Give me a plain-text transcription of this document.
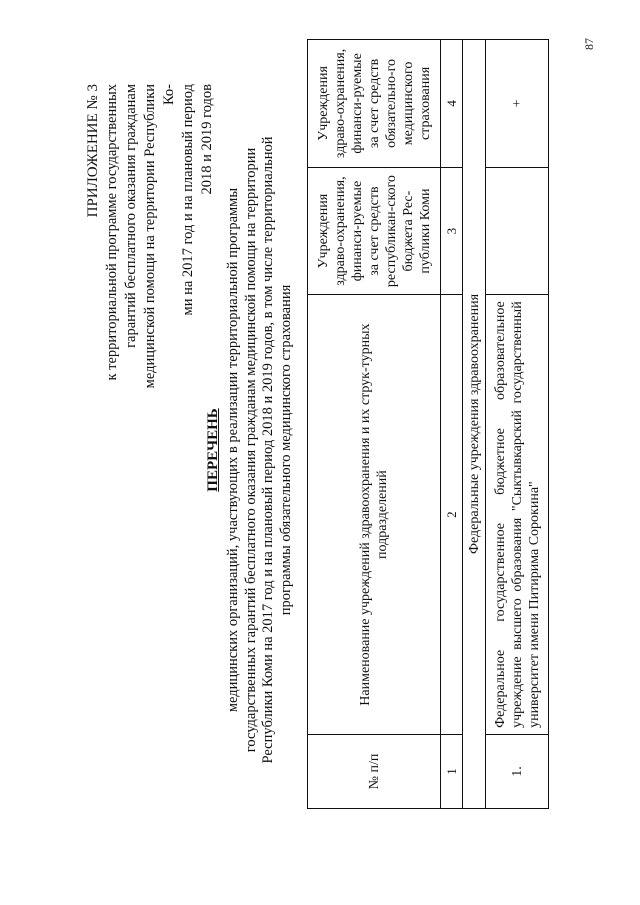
87
ПРИЛОЖЕНИЕ № 3 к территориальной программе государственных гарантий бесплатного оказания гражданам медицинской помощи на территории Республики Ко- ми на 2017 год и на плановый период 2018 и 2019 годов
ПЕРЕЧЕНЬ медицинских организаций, участвующих в реализации территориальной программы государственных гарантий бесплатного оказания гражданам медицинской помощи на территории Республики Коми на 2017 год и на плановый период 2018 и 2019 годов, в том числе территориальной программы обязательного медицинского страхования
№ п/п	Наименование учреждений здравоохранения и их струк-турных подразделений	Учреждения здраво-охранения, финанси-руемые за счет средств республикан-ского бюджета Рес-публики Коми	Учреждения здраво-охранения, финанси-руемые за счет средств обязательно-го медицинского страхования
1	2	3	4
Федеральные учреждения здравоохранения			
1.	Федеральное государственное бюджетное образовательное учреждение высшего образования "Сыктывкарский государственный университет имени Питирима Сорокина"		+
